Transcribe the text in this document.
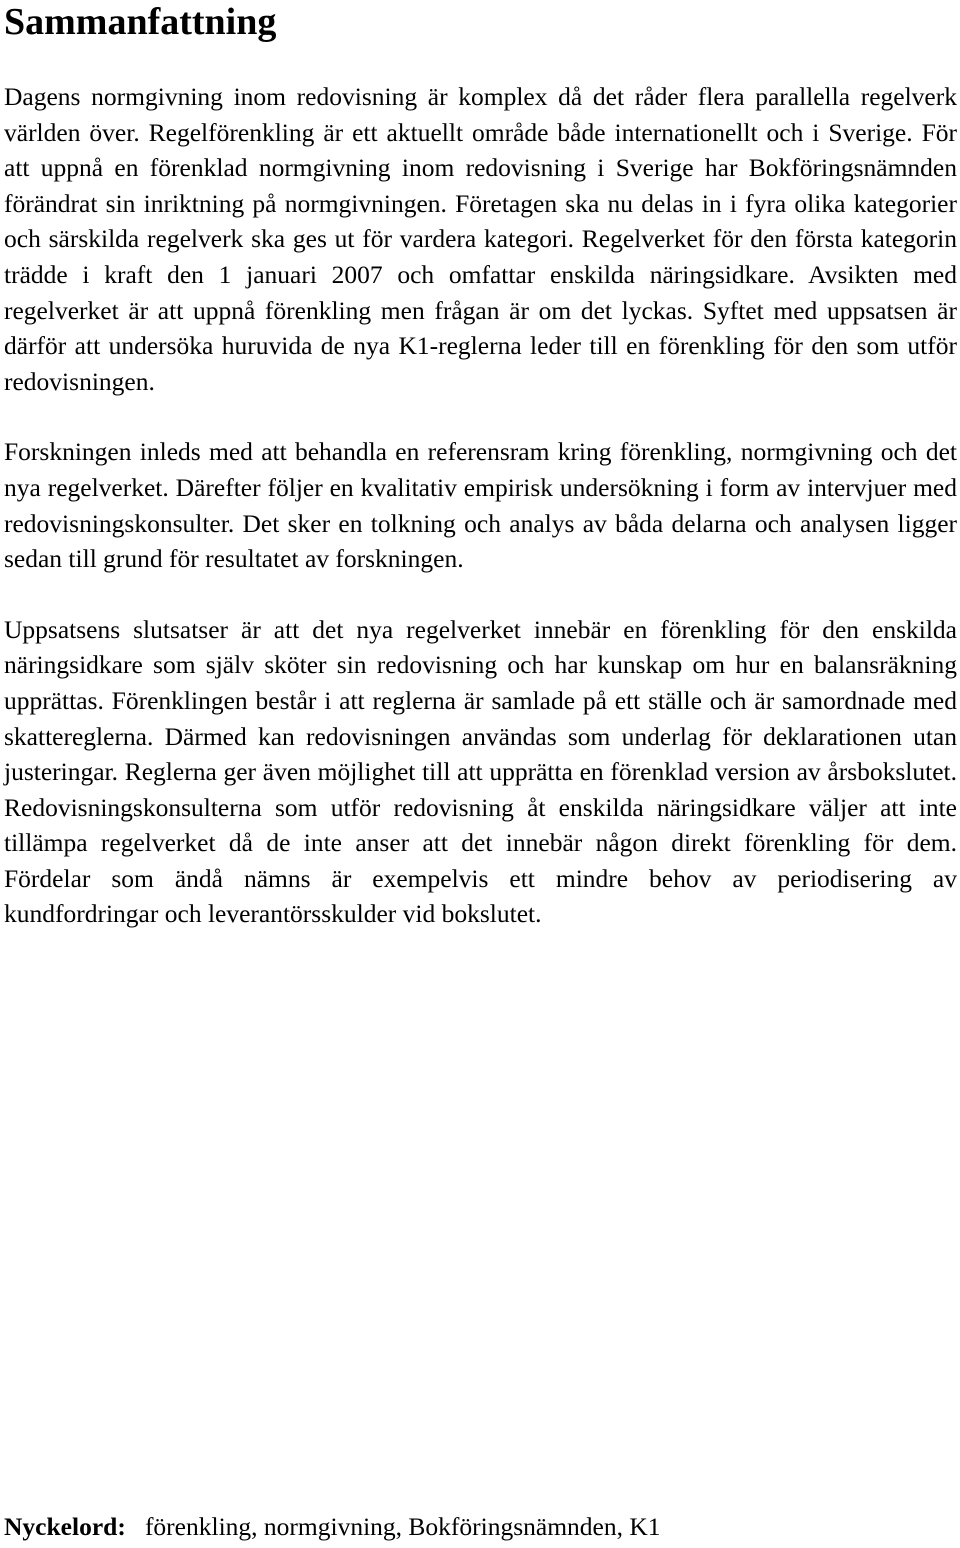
Sammanfattning

Dagens normgivning inom redovisning är komplex då det råder flera parallella regelverk världen över. Regelförenkling är ett aktuellt område både internationellt och i Sverige. För att uppnå en förenklad normgivning inom redovisning i Sverige har Bokföringsnämnden förändrat sin inriktning på normgivningen. Företagen ska nu delas in i fyra olika kategorier och särskilda regelverk ska ges ut för vardera kategori. Regelverket för den första kategorin trädde i kraft den 1 januari 2007 och omfattar enskilda näringsidkare. Avsikten med regelverket är att uppnå förenkling men frågan är om det lyckas. Syftet med uppsatsen är därför att undersöka huruvida de nya K1-reglerna leder till en förenkling för den som utför redovisningen.

Forskningen inleds med att behandla en referensram kring förenkling, normgivning och det nya regelverket. Därefter följer en kvalitativ empirisk undersökning i form av intervjuer med redovisningskonsulter. Det sker en tolkning och analys av båda delarna och analysen ligger sedan till grund för resultatet av forskningen.

Uppsatsens slutsatser är att det nya regelverket innebär en förenkling för den enskilda näringsidkare som själv sköter sin redovisning och har kunskap om hur en balansräkning upprättas. Förenklingen består i att reglerna är samlade på ett ställe och är samordnade med skattereglerna. Därmed kan redovisningen användas som underlag för deklarationen utan justeringar. Reglerna ger även möjlighet till att upprätta en förenklad version av årsbokslutet. Redovisningskonsulterna som utför redovisning åt enskilda näringsidkare väljer att inte tillämpa regelverket då de inte anser att det innebär någon direkt förenkling för dem. Fördelar som ändå nämns är exempelvis ett mindre behov av periodisering av kundfordringar och leverantörsskulder vid bokslutet.

Nyckelord: förenkling, normgivning, Bokföringsnämnden, K1
